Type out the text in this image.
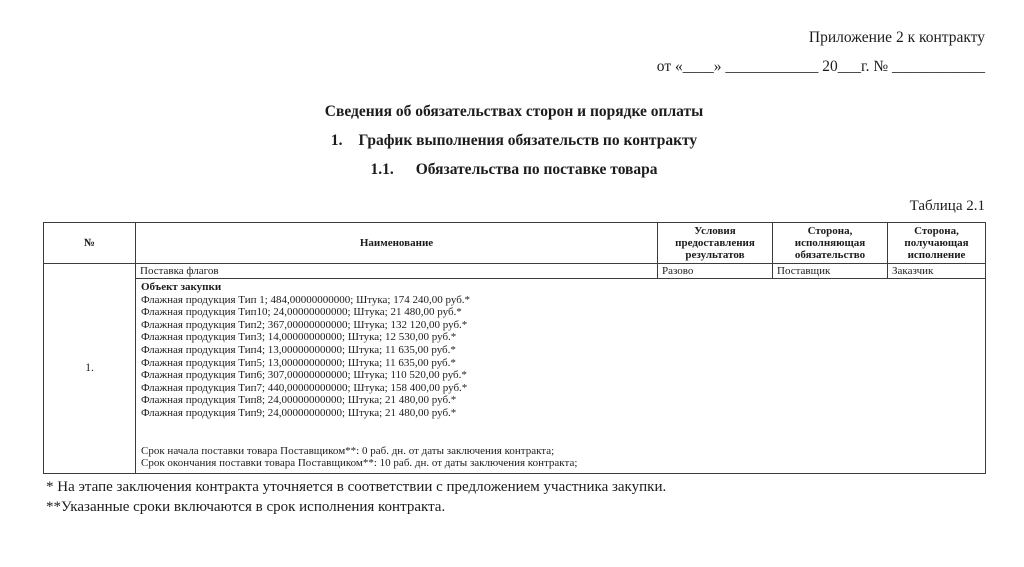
Приложение 2 к контракту
от «____» ____________ 20___г. № ____________
Сведения об обязательствах сторон и порядке оплаты
1. График выполнения обязательств по контракту
1.1. Обязательства по поставке товара
Таблица 2.1
№	Наименование	Условия предоставления результатов	Сторона, исполняющая обязательство	Сторона, получающая исполнение
1.	Поставка флагов	Разово	Поставщик	Заказчик

Объект закупки
Флажная продукция Тип 1; 484,00000000000; Штука; 174 240,00 руб.*
Флажная продукция Тип10; 24,00000000000; Штука; 21 480,00 руб.*
Флажная продукция Тип2; 367,00000000000; Штука; 132 120,00 руб.*
Флажная продукция Тип3; 14,00000000000; Штука; 12 530,00 руб.*
Флажная продукция Тип4; 13,00000000000; Штука; 11 635,00 руб.*
Флажная продукция Тип5; 13,00000000000; Штука; 11 635,00 руб.*
Флажная продукция Тип6; 307,00000000000; Штука; 110 520,00 руб.*
Флажная продукция Тип7; 440,00000000000; Штука; 158 400,00 руб.*
Флажная продукция Тип8; 24,00000000000; Штука; 21 480,00 руб.*
Флажная продукция Тип9; 24,00000000000; Штука; 21 480,00 руб.*
Срок начала поставки товара Поставщиком**: 0 раб. дн. от даты заключения контракта;
Срок окончания поставки товара Поставщиком**: 10 раб. дн. от даты заключения контракта;
* На этапе заключения контракта уточняется в соответствии с предложением участника закупки.
**Указанные сроки включаются в срок исполнения контракта.
